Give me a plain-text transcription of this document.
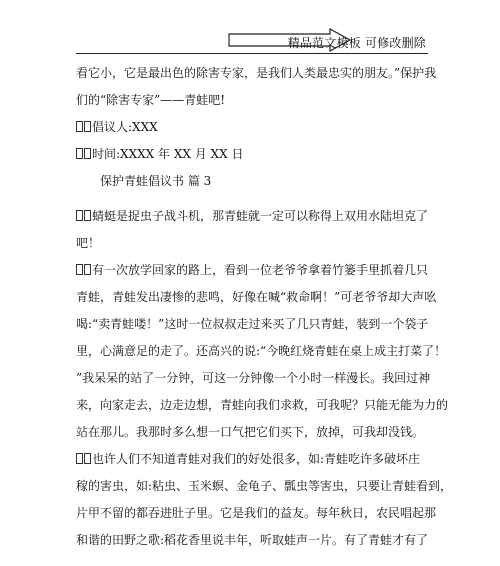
精品范文模板 可修改删除
看它小，它是最出色的除害专家，是我们人类最忠实的朋友。”保护我
们的“除害专家”——青蛙吧!
倡议人:XXX
时间:XXXX 年 XX 月 XX 日
保护青蛙倡议书 篇 3
蜻蜓是捉虫子战斗机，那青蛙就一定可以称得上双用水陆坦克了
吧！
有一次放学回家的路上，看到一位老爷爷拿着竹篓手里抓着几只
青蛙，青蛙发出凄惨的悲鸣，好像在喊“救命啊！”可老爷爷却大声吆
喝:“卖青蛙喽！”这时一位叔叔走过来买了几只青蛙，装到一个袋子
里，心满意足的走了。还高兴的说:“今晚红烧青蛙在桌上成主打菜了！
”我呆呆的站了一分钟，可这一分钟像一个小时一样漫长。我回过神
来，向家走去，边走边想，青蛙向我们求救，可我呢？只能无能为力的
站在那儿。我那时多么想一口气把它们买下，放掉，可我却没钱。
也许人们不知道青蛙对我们的好处很多，如:青蛙吃许多破坏庄
稼的害虫，如:粘虫、玉米螟、金龟子、瓢虫等害虫，只要让青蛙看到，
片甲不留的都吞进肚子里。它是我们的益友。每年秋日，农民唱起那
和谐的田野之歌:稻花香里说丰年，听取蛙声一片。有了青蛙才有了
